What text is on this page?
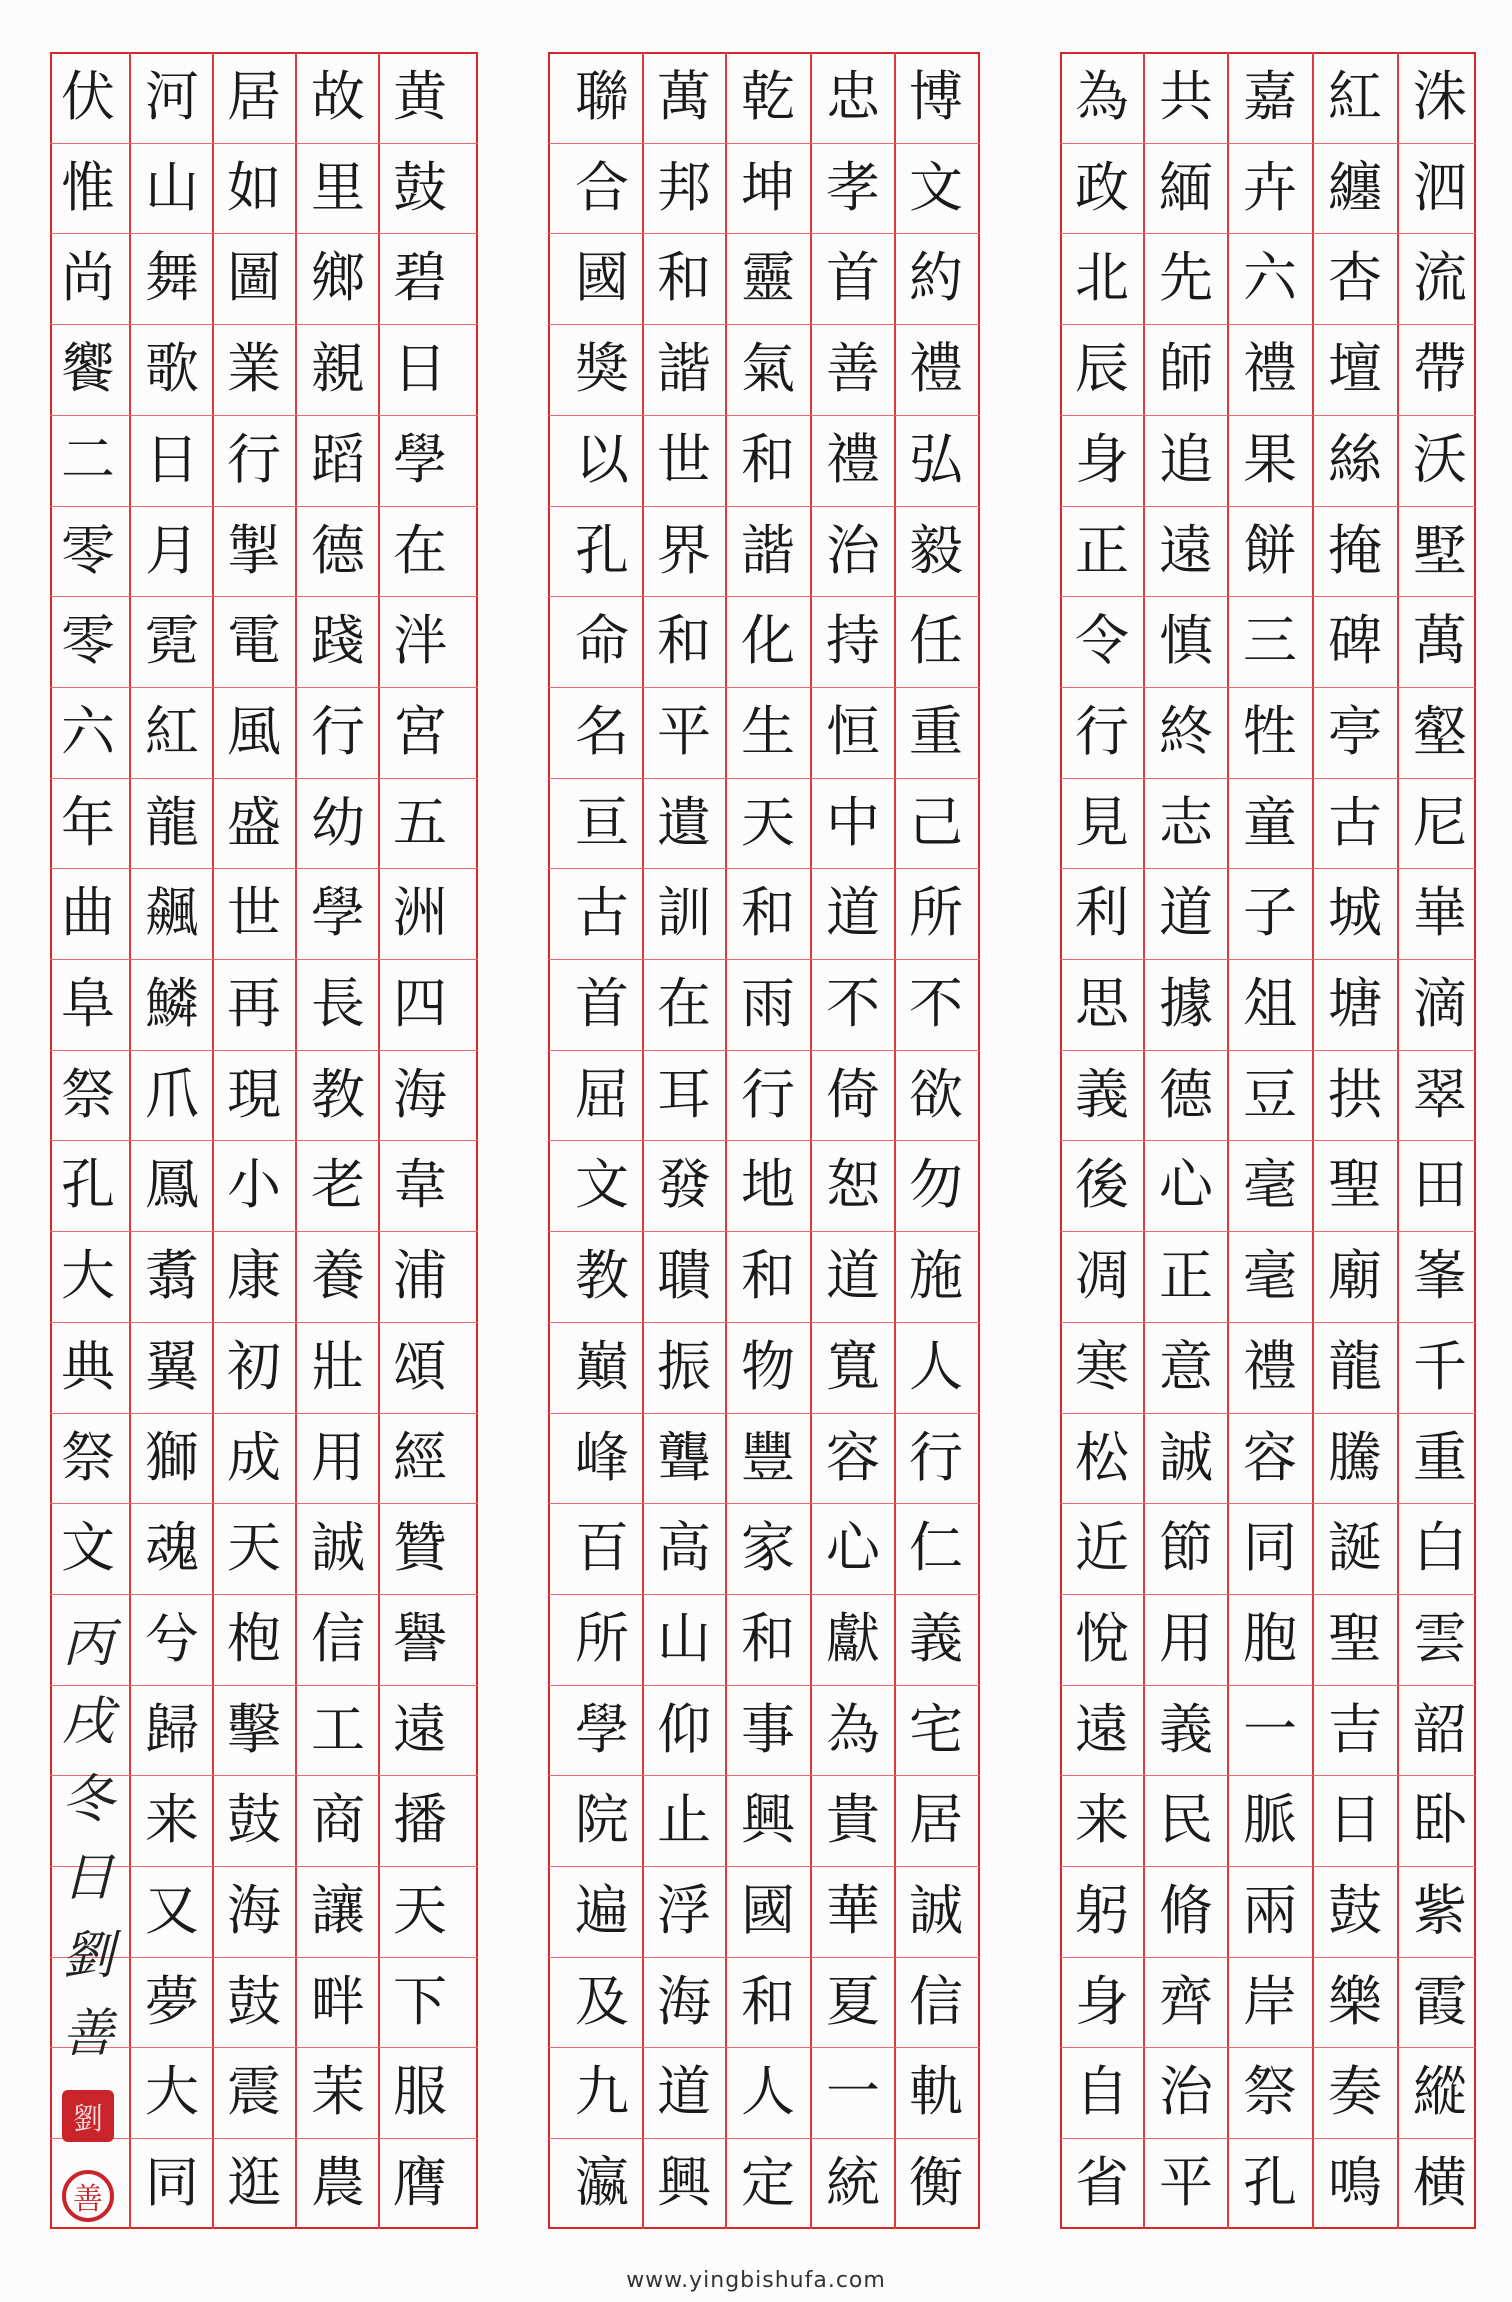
洙
泗
流
帶
沃
墅
萬
壑
尼
崋
滴
翠
田
峯
千
重
白
雲
韶
卧
紫
霞
縱
横
紅
纏
杏
壇
絲
掩
碑
亭
古
城
塘
拱
聖
廟
龍
騰
誕
聖
吉
日
鼓
樂
奏
鳴
嘉
卉
六
禮
果
餅
三
牲
童
子
俎
豆
毫
毫
禮
容
同
胞
一
脈
兩
岸
祭
孔
共
緬
先
師
追
遠
慎
終
志
道
據
德
心
正
意
誠
節
用
義
民
脩
齊
治
平
為
政
北
辰
身
正
令
行
見
利
思
義
後
凋
寒
松
近
悅
遠
来
躬
身
自
省
博
文
約
禮
弘
毅
任
重
己
所
不
欲
勿
施
人
行
仁
義
宅
居
誠
信
軌
衡
忠
孝
首
善
禮
治
持
恒
中
道
不
倚
恕
道
寬
容
心
獻
為
貴
華
夏
一
統
乾
坤
靈
氣
和
諧
化
生
天
和
雨
行
地
和
物
豐
家
和
事
興
國
和
人
定
萬
邦
和
諧
世
界
和
平
遺
訓
在
耳
發
聵
振
聾
高
山
仰
止
浮
海
道
興
聯
合
國
獎
以
孔
命
名
亘
古
首
屈
文
教
巔
峰
百
所
學
院
遍
及
九
瀛
黄
鼓
碧
日
學
在
泮
宮
五
洲
四
海
韋
浦
頌
經
贊
譽
遠
播
天
下
服
膺
故
里
鄉
親
蹈
德
踐
行
幼
學
長
教
老
養
壯
用
誠
信
工
商
讓
畔
茉
農
居
如
圖
業
行
掣
電
風
盛
世
再
現
小
康
初
成
天
枹
擊
鼓
海
鼓
震
逛
河
山
舞
歌
日
月
霓
紅
龍
飆
鱗
爪
鳳
翥
翼
獅
魂
兮
歸
来
又
夢
大
同
伏
惟
尚
饗
二
零
零
六
年
曲
阜
祭
孔
大
典
祭
文
丙
戌
冬
日
劉
善
劉
善
www.yingbishufa.com
